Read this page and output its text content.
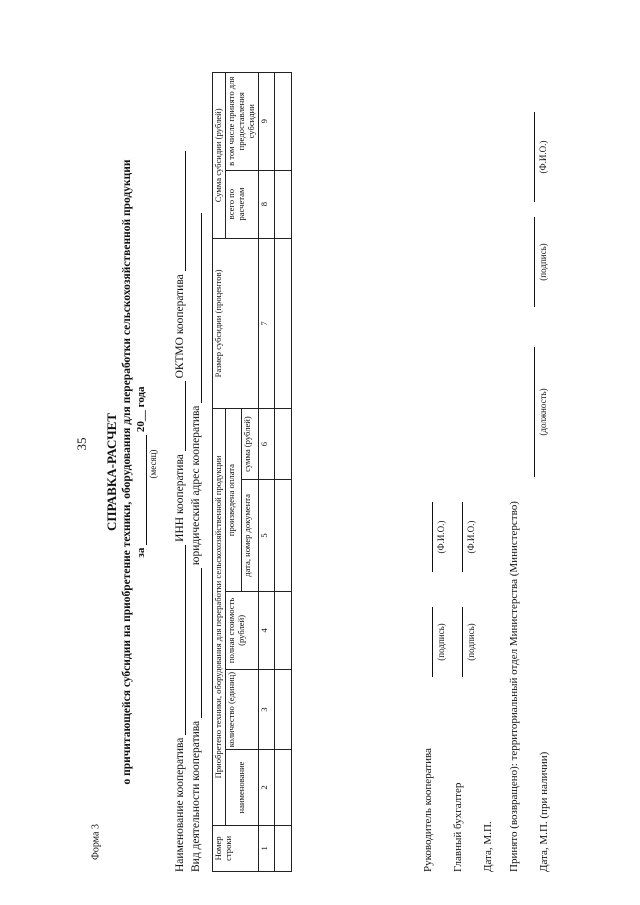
35
Форма 3
СПРАВКА-РАСЧЕТ о причитающейся субсидии на приобретение техники, оборудования для переработки сельскохозяйственной продукции за  20__ года
(месяц)
Наименование кооператива  ИНН кооператива  ОКТМО кооператива
Вид деятельности кооператива  юридический адрес кооператива
Номер строки	Приобретено техники, оборудования для переработки сельскохозяйственной продукции					Размер субсидии (процентов)	Сумма субсидии (рублей)	
	наименование	количество (единиц)	полная стоимость (рублей)	произведена оплата			всего по расчетам	в том числе принято для предоставления субсидии
				дата, номер документа	сумма (рублей)			
1	2	3	4	5	6	7	8	9

Руководитель кооператива
(подпись)
(Ф.И.О.)
Главный бухгалтер
(подпись)
(Ф.И.О.)
Дата, М.П. Принято (возвращено): территориальный отдел Министерства (Министерство) Дата, М.П. (при наличии)
(должность)
(подпись)
(Ф.И.О.)
